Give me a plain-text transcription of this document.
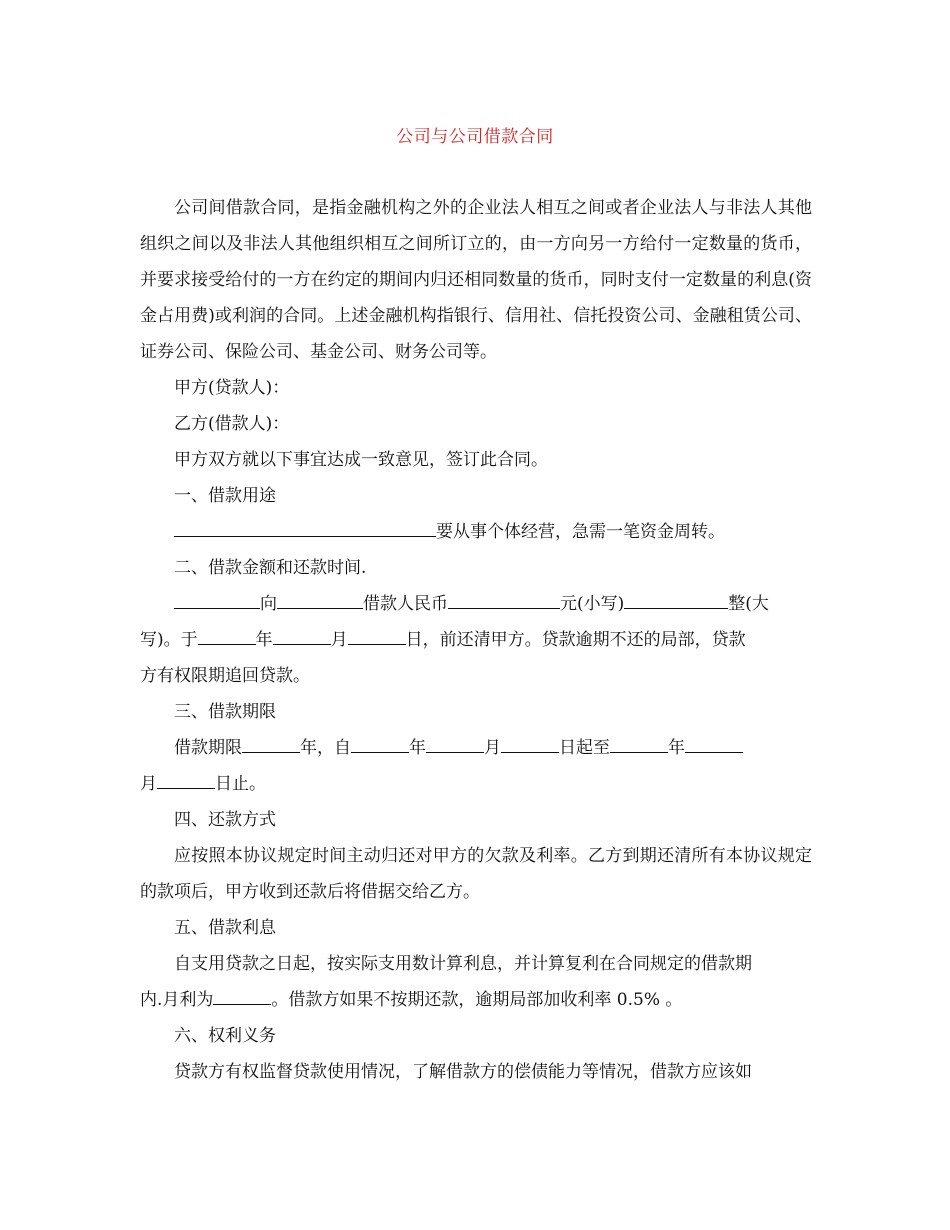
公司与公司借款合同

公司间借款合同，是指金融机构之外的企业法人相互之间或者企业法人与非法人其他组织之间以及非法人其他组织相互之间所订立的，由一方向另一方给付一定数量的货币，并要求接受给付的一方在约定的期间内归还相同数量的货币，同时支付一定数量的利息(资金占用费)或利润的合同。上述金融机构指银行、信用社、信托投资公司、金融租赁公司、证券公司、保险公司、基金公司、财务公司等。

甲方(贷款人)：

乙方(借款人)：

甲方双方就以下事宜达成一致意见，签订此合同。

一、借款用途

要从事个体经营，急需一笔资金周转。

二、借款金额和还款时间.

向	借款人民币	元(小写)	整(大

写)。于	年	月	日，前还清甲方。贷款逾期不还的局部，贷款

方有权限期追回贷款。

三、借款期限

借款期限	年，自	年	月	日起至	年

月	日止。

四、还款方式

应按照本协议规定时间主动归还对甲方的欠款及利率。乙方到期还清所有本协议规定的款项后，甲方收到还款后将借据交给乙方。

五、借款利息

自支用贷款之日起，按实际支用数计算利息，并计算复利在合同规定的借款期

内.月利为	。借款方如果不按期还款，逾期局部加收利率 0.5% 。

六、权利义务

贷款方有权监督贷款使用情况，了解借款方的偿债能力等情况，借款方应该如
